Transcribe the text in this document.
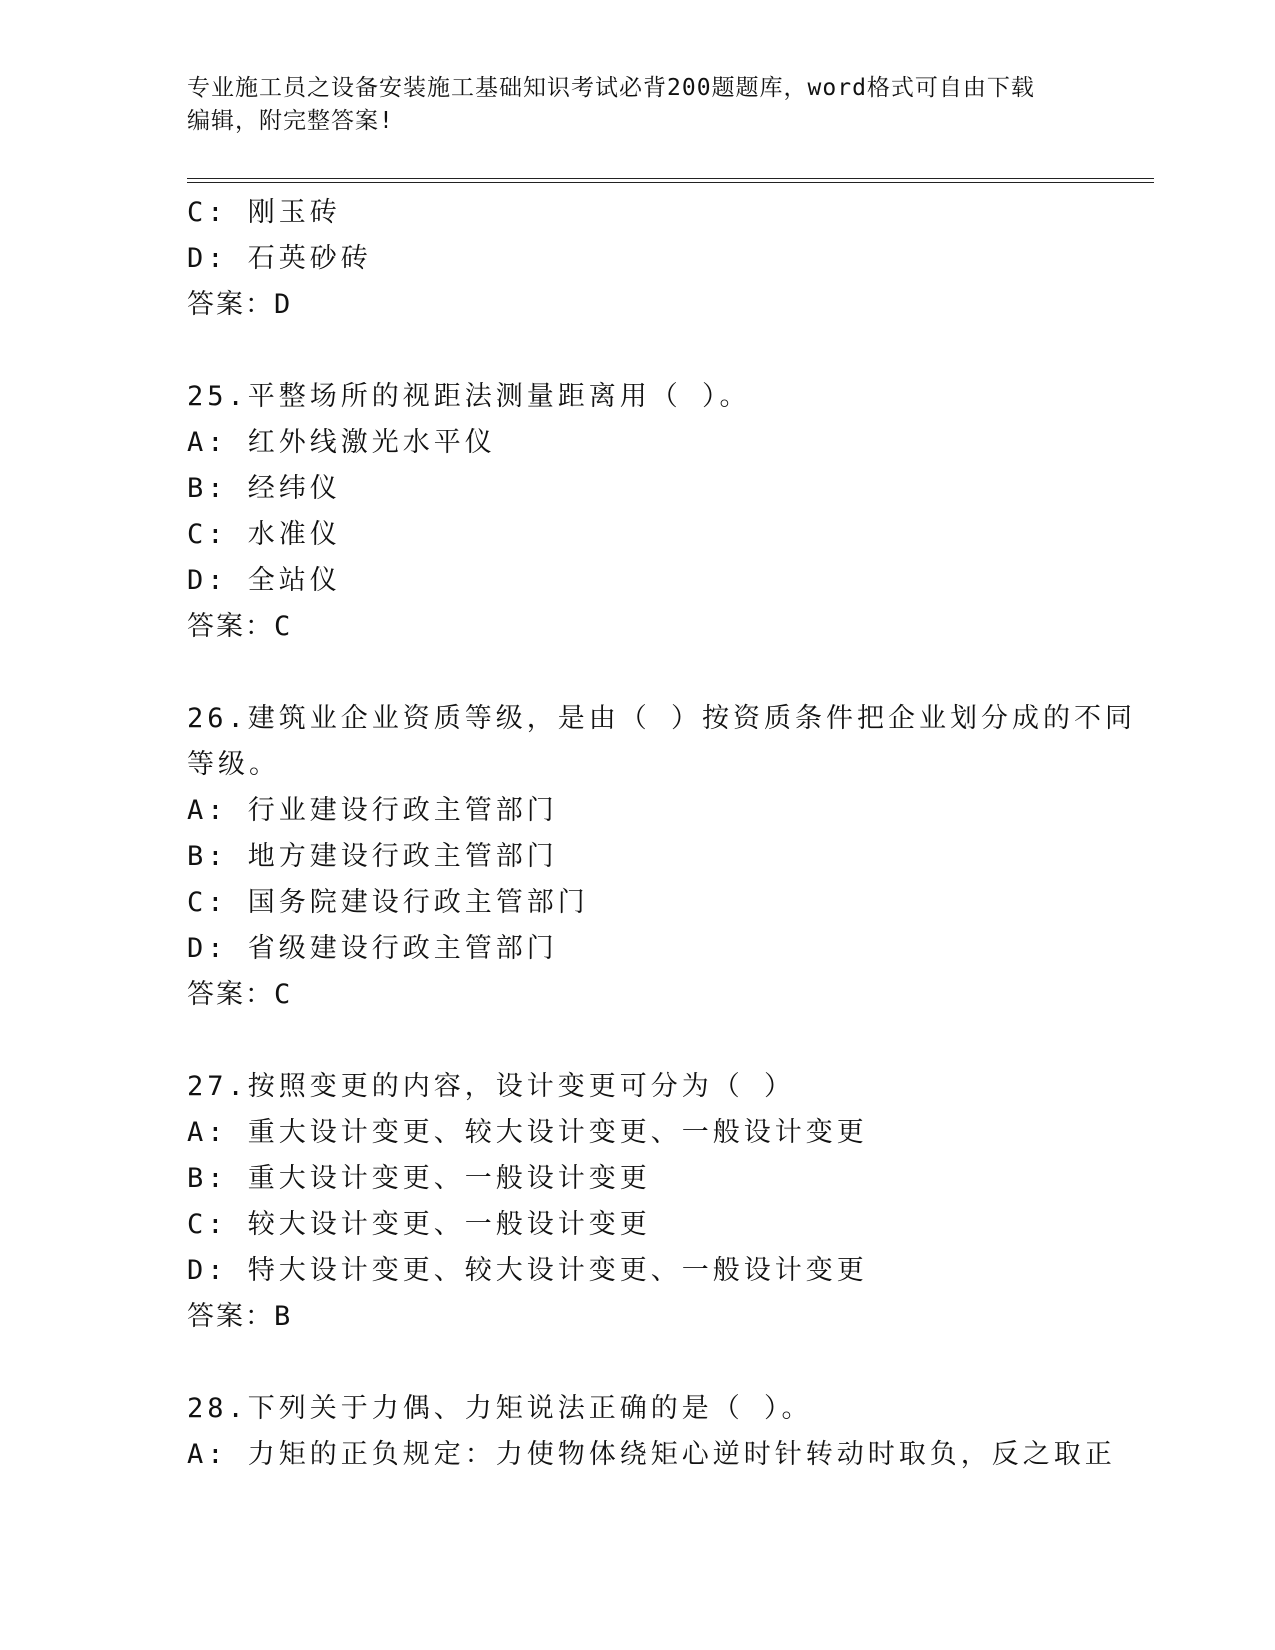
专业施工员之设备安装施工基础知识考试必背200题题库，word格式可自由下载
编辑，附完整答案!
C: 刚玉砖
D: 石英砂砖
答案：D
25.平整场所的视距法测量距离用（ ）。
A: 红外线激光水平仪
B: 经纬仪
C: 水准仪
D: 全站仪
答案：C
26.建筑业企业资质等级，是由（ ）按资质条件把企业划分成的不同
等级。
A: 行业建设行政主管部门
B: 地方建设行政主管部门
C: 国务院建设行政主管部门
D: 省级建设行政主管部门
答案：C
27.按照变更的内容，设计变更可分为（ ）
A: 重大设计变更、较大设计变更、一般设计变更
B: 重大设计变更、一般设计变更
C: 较大设计变更、一般设计变更
D: 特大设计变更、较大设计变更、一般设计变更
答案：B
28.下列关于力偶、力矩说法正确的是（ ）。
A: 力矩的正负规定：力使物体绕矩心逆时针转动时取负，反之取正
